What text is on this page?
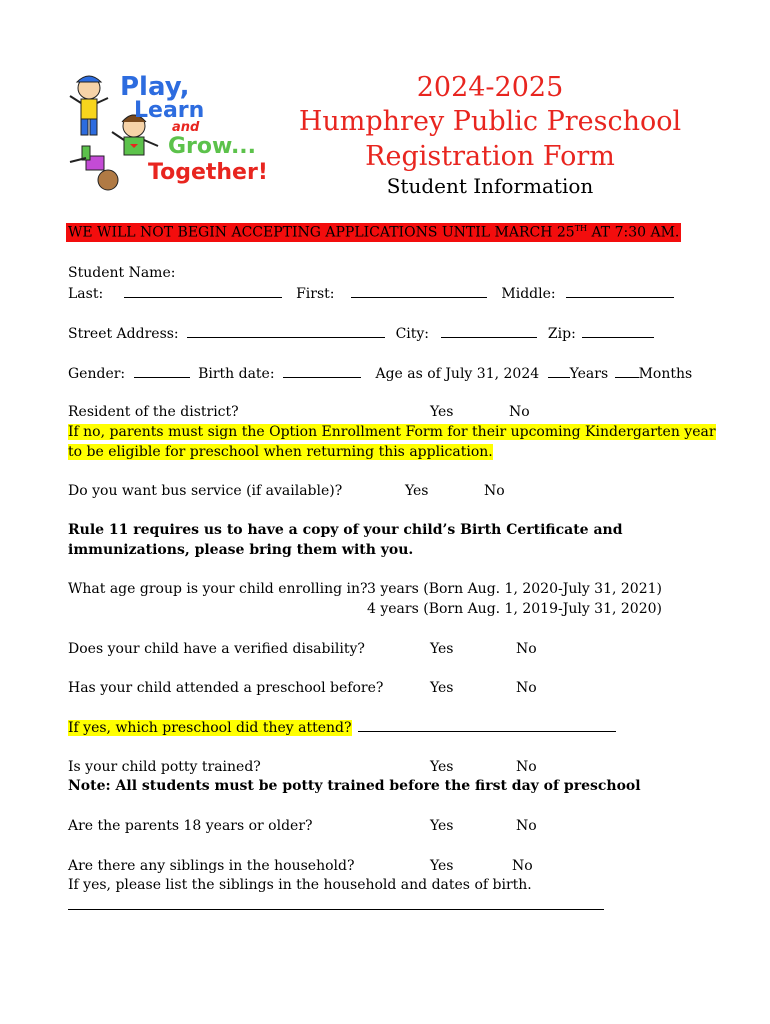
Play,
Learn
and
Grow...
Together!
2024-2025
Humphrey Public Preschool
Registration Form
Student Information
WE WILL NOT BEGIN ACCEPTING APPLICATIONS UNTIL MARCH 25TH AT 7:30 AM.
Student Name:
Last:	First:	Middle:
Street Address:	City:	Zip:
Gender:	Birth date:	Age as of July 31, 2024 Years Months
Resident of the district?	Yes	No
If no, parents must sign the Option Enrollment Form for their upcoming Kindergarten year
to be eligible for preschool when returning this application.
Do you want bus service (if available)?	Yes	No
Rule 11 requires us to have a copy of your child’s Birth Certificate and
immunizations, please bring them with you.
What age group is your child enrolling in? 3 years (Born Aug. 1, 2020-July 31, 2021)
4 years (Born Aug. 1, 2019-July 31, 2020)
Does your child have a verified disability?	Yes	No
Has your child attended a preschool before?	Yes	No
If yes, which preschool did they attend?
Is your child potty trained?	Yes	No
Note: All students must be potty trained before the first day of preschool
Are the parents 18 years or older?	Yes	No
Are there any siblings in the household?	Yes	No
If yes, please list the siblings in the household and dates of birth.
